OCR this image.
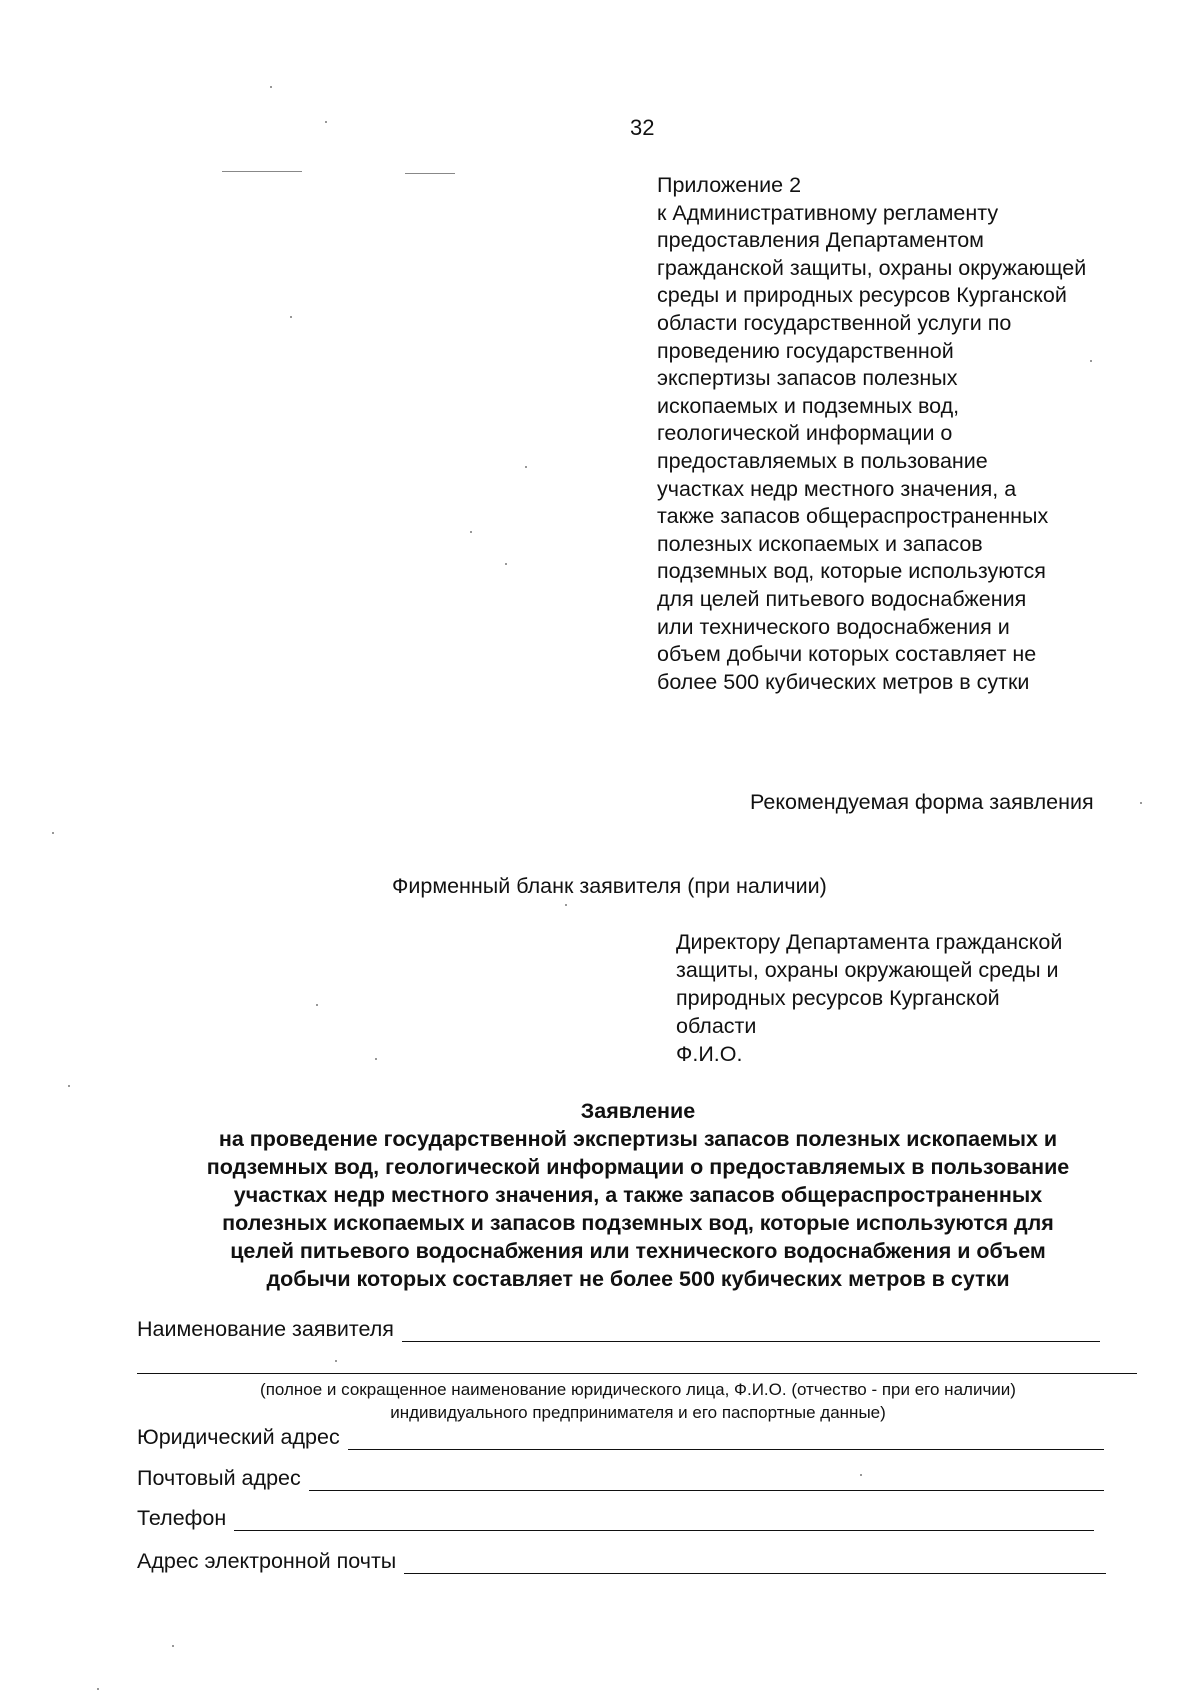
32
Приложение 2
к Административному регламенту
предоставления Департаментом
гражданской защиты, охраны окружающей
среды и природных ресурсов Курганской
области государственной услуги по
проведению государственной
экспертизы запасов полезных
ископаемых и подземных вод,
геологической информации о
предоставляемых в пользование
участках недр местного значения, а
также запасов общераспространенных
полезных ископаемых и запасов
подземных вод, которые используются
для целей питьевого водоснабжения
или технического водоснабжения и
объем добычи которых составляет не
более 500 кубических метров в сутки
Рекомендуемая форма заявления
Фирменный бланк заявителя (при наличии)
Директору Департамента гражданской
защиты, охраны окружающей среды и
природных ресурсов Курганской
области
Ф.И.О.
Заявление
на проведение государственной экспертизы запасов полезных ископаемых и
подземных вод, геологической информации о предоставляемых в пользование
участках недр местного значения, а также запасов общераспространенных
полезных ископаемых и запасов подземных вод, которые используются для
целей питьевого водоснабжения или технического водоснабжения и объем
добычи которых составляет не более 500 кубических метров в сутки
Наименование заявителя
(полное и сокращенное наименование юридического лица, Ф.И.О. (отчество - при его наличии)
индивидуального предпринимателя и его паспортные данные)
Юридический адрес
Почтовый адрес
Телефон
Адрес электронной почты
